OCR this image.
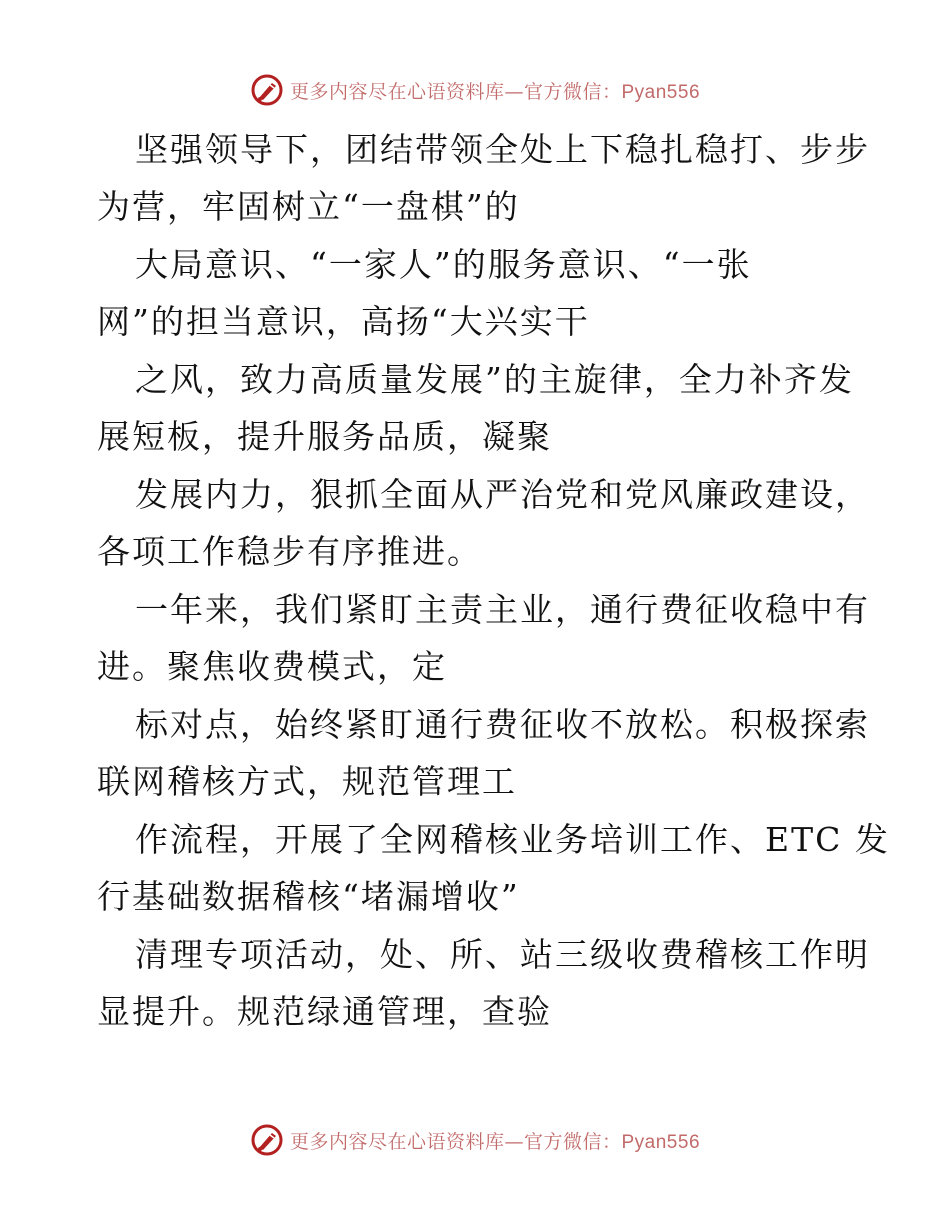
更多内容尽在心语资料库—官方微信：Pyan556
坚强领导下，团结带领全处上下稳扎稳打、步步
为营，牢固树立“一盘棋”的
大局意识、“一家人”的服务意识、“一张
网”的担当意识，高扬“大兴实干
之风，致力高质量发展”的主旋律，全力补齐发
展短板，提升服务品质，凝聚
发展内力，狠抓全面从严治党和党风廉政建设，
各项工作稳步有序推进。
一年来，我们紧盯主责主业，通行费征收稳中有
进。聚焦收费模式，定
标对点，始终紧盯通行费征收不放松。积极探索
联网稽核方式，规范管理工
作流程，开展了全网稽核业务培训工作、ETC 发
行基础数据稽核“堵漏增收”
清理专项活动，处、所、站三级收费稽核工作明
显提升。规范绿通管理，查验
更多内容尽在心语资料库—官方微信：Pyan556
